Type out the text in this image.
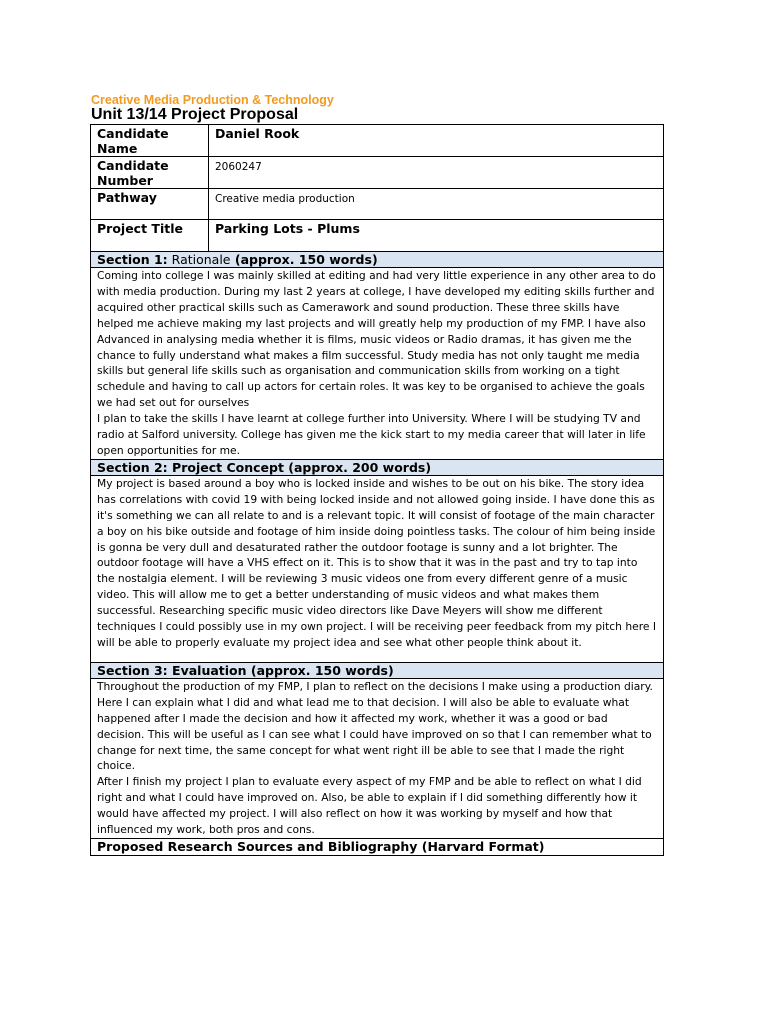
Creative Media Production & Technology
Unit 13/14 Project Proposal
Candidate Name	Daniel Rook
Candidate Number	2060247
Pathway	Creative media production
Project Title	Parking Lots - Plums
Section 1: Rationale (approx. 150 words)	

Coming into college I was mainly skilled at editing and had very little experience in any other area to do with media production. During my last 2 years at college, I have developed my editing skills further and acquired other practical skills such as Camerawork and sound production. These three skills have helped me achieve making my last projects and will greatly help my production of my FMP. I have also Advanced in analysing media whether it is films, music videos or Radio dramas, it has given me the chance to fully understand what makes a film successful. Study media has not only taught me media skills but general life skills such as organisation and communication skills from working on a tight schedule and having to call up actors for certain roles. It was key to be organised to achieve the goals we had set out for ourselves

I plan to take the skills I have learnt at college further into University. Where I will be studying TV and radio at Salford university. College has given me the kick start to my media career that will later in life open opportunities for me.	

Section 2: Project Concept (approx. 200 words)	

My project is based around a boy who is locked inside and wishes to be out on his bike. The story idea has correlations with covid 19 with being locked inside and not allowed going inside. I have done this as it's something we can all relate to and is a relevant topic. It will consist of footage of the main character a boy on his bike outside and footage of him inside doing pointless tasks. The colour of him being inside is gonna be very dull and desaturated rather the outdoor footage is sunny and a lot brighter. The outdoor footage will have a VHS effect on it. This is to show that it was in the past and try to tap into the nostalgia element. I will be reviewing 3 music videos one from every different genre of a music video. This will allow me to get a better understanding of music videos and what makes them successful. Researching specific music video directors like Dave Meyers will show me different techniques I could possibly use in my own project. I will be receiving peer feedback from my pitch here I will be able to properly evaluate my project idea and see what other people think about it.	

Section 3: Evaluation (approx. 150 words)	

Throughout the production of my FMP, I plan to reflect on the decisions I make using a production diary. Here I can explain what I did and what lead me to that decision. I will also be able to evaluate what happened after I made the decision and how it affected my work, whether it was a good or bad decision. This will be useful as I can see what I could have improved on so that I can remember what to change for next time, the same concept for what went right ill be able to see that I made the right choice.

After I finish my project I plan to evaluate every aspect of my FMP and be able to reflect on what I did right and what I could have improved on. Also, be able to explain if I did something differently how it would have affected my project. I will also reflect on how it was working by myself and how that influenced my work, both pros and cons.	

Proposed Research Sources and Bibliography (Harvard Format)	
